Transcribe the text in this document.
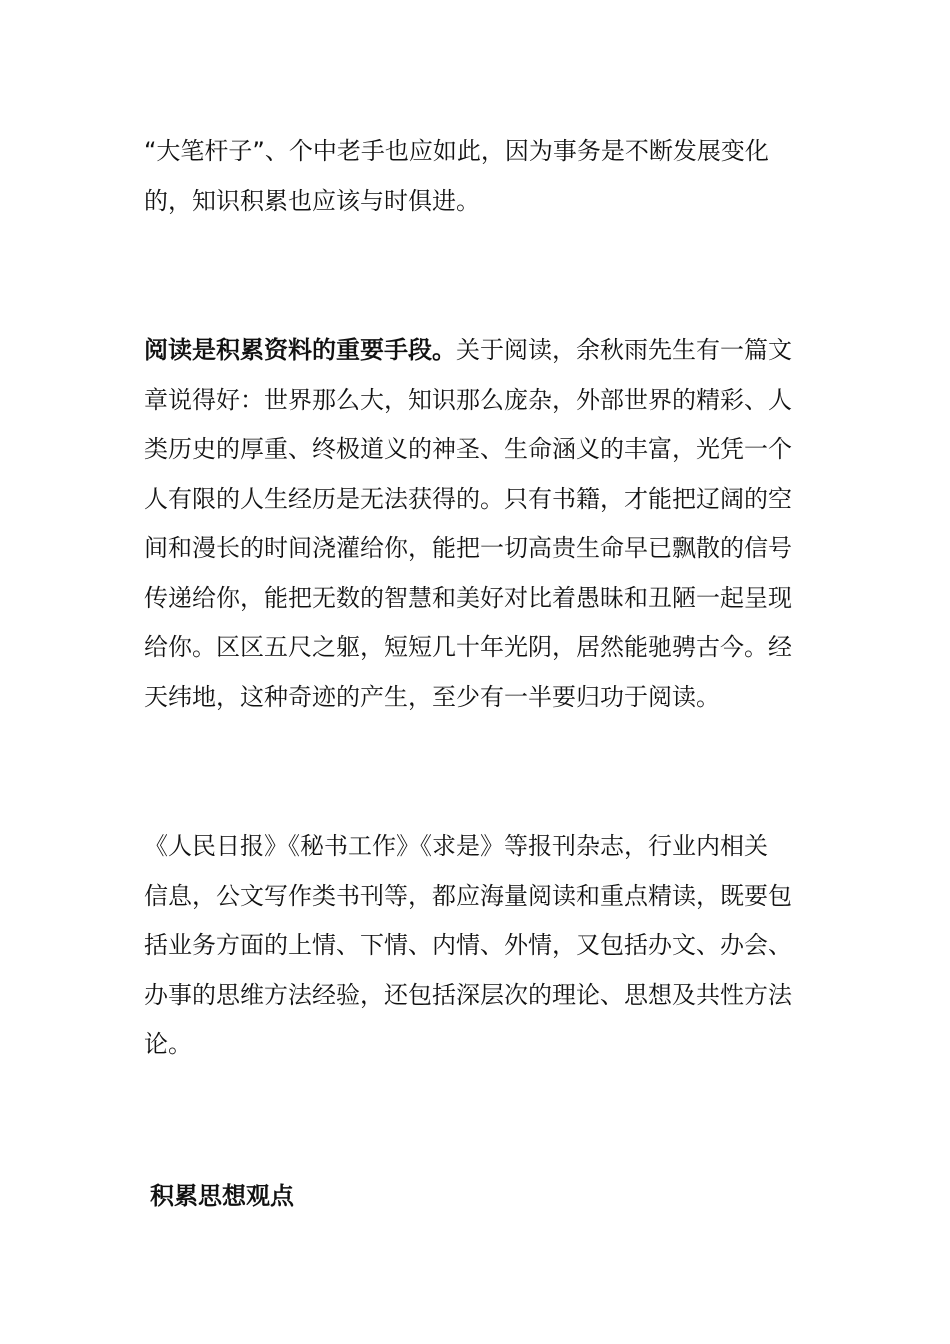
“大笔杆子”、个中老手也应如此，因为事务是不断发展变化
的，知识积累也应该与时俱进。
阅读是积累资料的重要手段。关于阅读，余秋雨先生有一篇文
章说得好：世界那么大，知识那么庞杂，外部世界的精彩、人
类历史的厚重、终极道义的神圣、生命涵义的丰富，光凭一个
人有限的人生经历是无法获得的。只有书籍，才能把辽阔的空
间和漫长的时间浇灌给你，能把一切高贵生命早已飘散的信号
传递给你，能把无数的智慧和美好对比着愚昧和丑陋一起呈现
给你。区区五尺之躯，短短几十年光阴，居然能驰骋古今。经
天纬地，这种奇迹的产生，至少有一半要归功于阅读。
《人民日报》《秘书工作》《求是》等报刊杂志，行业内相关
信息，公文写作类书刊等，都应海量阅读和重点精读，既要包
括业务方面的上情、下情、内情、外情，又包括办文、办会、
办事的思维方法经验，还包括深层次的理论、思想及共性方法
论。
积累思想观点
